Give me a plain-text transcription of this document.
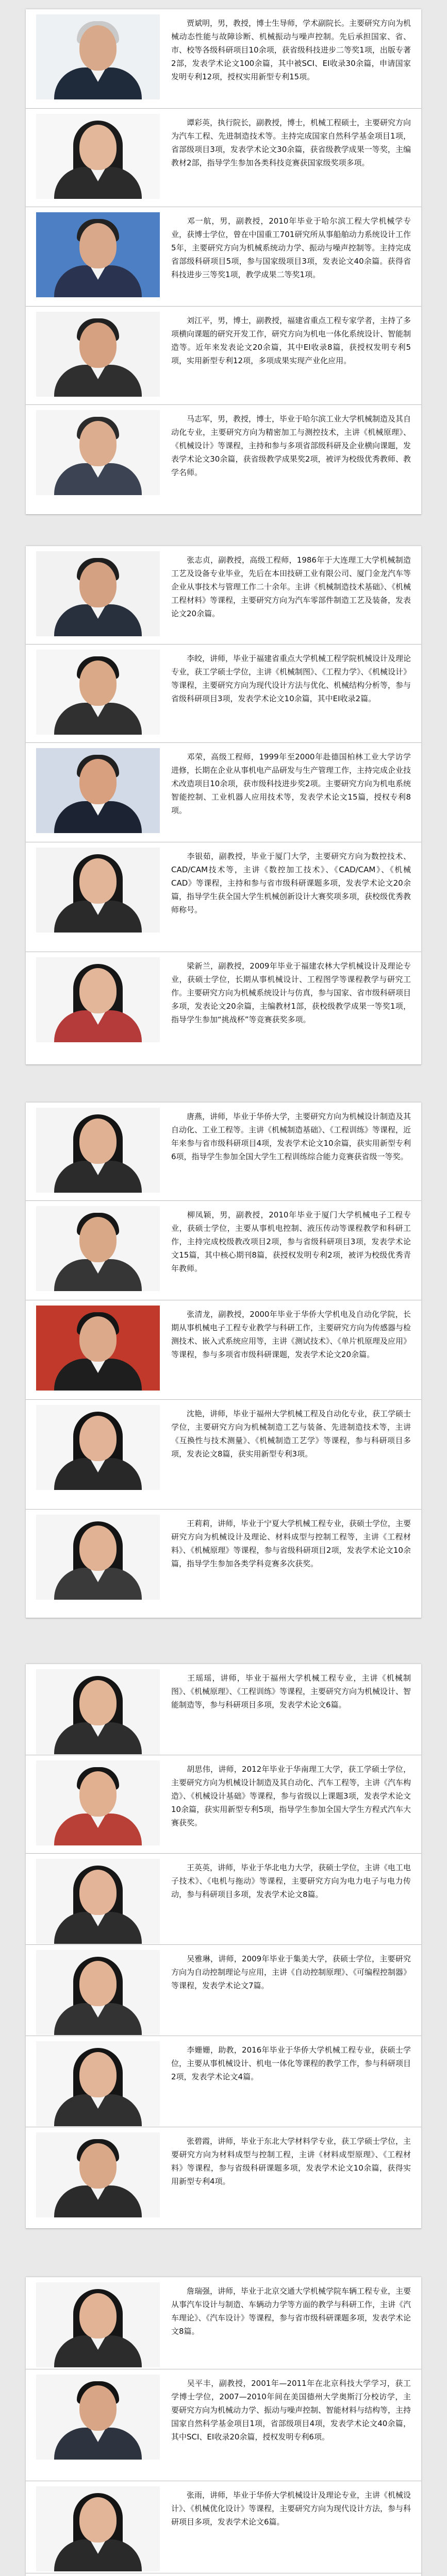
贾斌明，男，教授，博士生导师，学术副院长。主要研究方向为机械动态性能与故障诊断、机械振动与噪声控制。先后承担国家、省、市、校等各级科研项目10余项，获省级科技进步二等奖1项，出版专著2部，发表学术论文100余篇，其中被SCI、EI收录30余篇，申请国家发明专利12项，授权实用新型专利15项。
谭彩英，执行院长，副教授，博士，机械工程硕士，主要研究方向为汽车工程、先进制造技术等。主持完成国家自然科学基金项目1项，省部级项目3项，发表学术论文30余篇，获省级教学成果一等奖，主编教材2部，指导学生参加各类科技竞赛获国家级奖项多项。
邓一航，男，副教授，2010年毕业于哈尔滨工程大学机械学专业，获博士学位，曾在中国重工701研究所从事船舶动力系统设计工作5年，主要研究方向为机械系统动力学、振动与噪声控制等。主持完成省部级科研项目5项，参与国家级项目3项，发表论文40余篇。获得省科技进步三等奖1项，教学成果二等奖1项。
刘江平，男，博士，副教授，福建省重点工程专家学者，主持了多项横向课题的研究开发工作，研究方向为机电一体化系统设计、智能制造等。近年来发表论文20余篇，其中EI收录8篇，获授权发明专利5项，实用新型专利12项，多项成果实现产业化应用。
马志军，男，教授，博士，毕业于哈尔滨工业大学机械制造及其自动化专业，主要研究方向为精密加工与测控技术，主讲《机械原理》、《机械设计》等课程，主持和参与多项省部级科研及企业横向课题，发表学术论文30余篇，获省级教学成果奖2项，被评为校级优秀教师、教学名师。
张志贞，副教授，高级工程师，1986年于大连理工大学机械制造工艺及设备专业毕业，先后在本田技研工业有限公司、厦门金龙汽车等企业从事技术与管理工作二十余年。主讲《机械制造技术基础》、《机械工程材料》等课程，主要研究方向为汽车零部件制造工艺及装备，发表论文20余篇。
李皎，讲师，毕业于福建省重点大学机械工程学院机械设计及理论专业，获工学硕士学位，主讲《机械制图》、《工程力学》、《机械设计》等课程，主要研究方向为现代设计方法与优化、机械结构分析等，参与省级科研项目3项，发表学术论文10余篇，其中EI收录2篇。
邓荣，高级工程师，1999年至2000年赴德国柏林工业大学访学进修，长期在企业从事机电产品研发与生产管理工作，主持完成企业技术改造项目10余项，获市级科技进步奖2项。主要研究方向为机电系统智能控制、工业机器人应用技术等，发表学术论文15篇，授权专利8项。
李银茹，副教授，毕业于厦门大学，主要研究方向为数控技术、CAD/CAM技术等，主讲《数控加工技术》、《CAD/CAM》、《机械CAD》等课程，主持和参与省市级科研课题多项，发表学术论文20余篇，指导学生获全国大学生机械创新设计大赛奖项多项，获校级优秀教师称号。
梁新兰，副教授，2009年毕业于福建农林大学机械设计及理论专业，获硕士学位，长期从事机械设计、工程图学等课程教学与研究工作。主要研究方向为机械系统设计与仿真，参与国家、省市级科研项目多项，发表论文20余篇，主编教材1部，获校级教学成果一等奖1项，指导学生参加“挑战杯”等竞赛获奖多项。
唐燕，讲师，毕业于华侨大学，主要研究方向为机械设计制造及其自动化、工业工程等。主讲《机械制造基础》、《工程训练》等课程，近年来参与省市级科研项目4项，发表学术论文10余篇，获实用新型专利6项，指导学生参加全国大学生工程训练综合能力竞赛获省级一等奖。
柳凤颖，男，副教授，2010年毕业于厦门大学机械电子工程专业，获硕士学位，主要从事机电控制、液压传动等课程教学和科研工作，主持完成校级教改项目2项，参与省级科研项目3项，发表学术论文15篇，其中核心期刊8篇，获授权发明专利2项，被评为校级优秀青年教师。
张清龙，副教授，2000年毕业于华侨大学机电及自动化学院，长期从事机械电子工程专业教学与科研工作，主要研究方向为传感器与检测技术、嵌入式系统应用等，主讲《测试技术》、《单片机原理及应用》等课程，参与多项省市级科研课题，发表学术论文20余篇。
沈艳，讲师，毕业于福州大学机械工程及自动化专业，获工学硕士学位，主要研究方向为机械制造工艺与装备、先进制造技术等，主讲《互换性与技术测量》、《机械制造工艺学》等课程，参与科研项目多项，发表论文8篇，获实用新型专利3项。
王莉莉，讲师，毕业于宁夏大学机械工程专业，获硕士学位，主要研究方向为机械设计及理论、材料成型与控制工程等，主讲《工程材料》、《机械原理》等课程，参与省级科研项目2项，发表学术论文10余篇，指导学生参加各类学科竞赛多次获奖。
王瑶瑶，讲师，毕业于福州大学机械工程专业，主讲《机械制图》、《机械原理》、《工程训练》等课程，主要研究方向为机械设计、智能制造等，参与科研项目多项，发表学术论文6篇。
胡思伟，讲师，2012年毕业于华南理工大学，获工学硕士学位，主要研究方向为机械设计制造及其自动化、汽车工程等，主讲《汽车构造》、《机械设计基础》等课程，参与省级以上课题3项，发表学术论文10余篇，获实用新型专利5项，指导学生参加全国大学生方程式汽车大赛获奖。
王英英，讲师，毕业于华北电力大学，获硕士学位，主讲《电工电子技术》、《电机与拖动》等课程，主要研究方向为电力电子与电力传动，参与科研项目多项，发表学术论文8篇。
吴雅琳，讲师，2009年毕业于集美大学，获硕士学位，主要研究方向为自动控制理论与应用，主讲《自动控制原理》、《可编程控制器》等课程，发表学术论文7篇。
李姗姗，助教，2016年毕业于华侨大学机械工程专业，获硕士学位，主要从事机械设计、机电一体化等课程的教学工作，参与科研项目2项，发表学术论文4篇。
张碧霞，讲师，毕业于东北大学材料学专业，获工学硕士学位，主要研究方向为材料成型与控制工程，主讲《材料成型原理》、《工程材料》等课程，参与省级科研课题多项，发表学术论文10余篇，获得实用新型专利4项。
詹瑞强，讲师，毕业于北京交通大学机械学院车辆工程专业，主要从事汽车设计与制造、车辆动力学等方面的教学与科研工作，主讲《汽车理论》、《汽车设计》等课程，参与省市级科研课题多项，发表学术论文8篇。
吴平丰，副教授，2001年—2011年在北京科技大学学习，获工学博士学位，2007—2010年间在美国德州大学奥斯汀分校访学，主要研究方向为机械动力学、振动与噪声控制、智能材料与结构等，主持国家自然科学基金项目1项，省部级项目4项，发表学术论文40余篇，其中SCI、EI收录20余篇，授权发明专利6项。
张雨，讲师，毕业于华侨大学机械设计及理论专业，主讲《机械设计》、《机械优化设计》等课程，主要研究方向为现代设计方法，参与科研项目多项，发表学术论文6篇。
